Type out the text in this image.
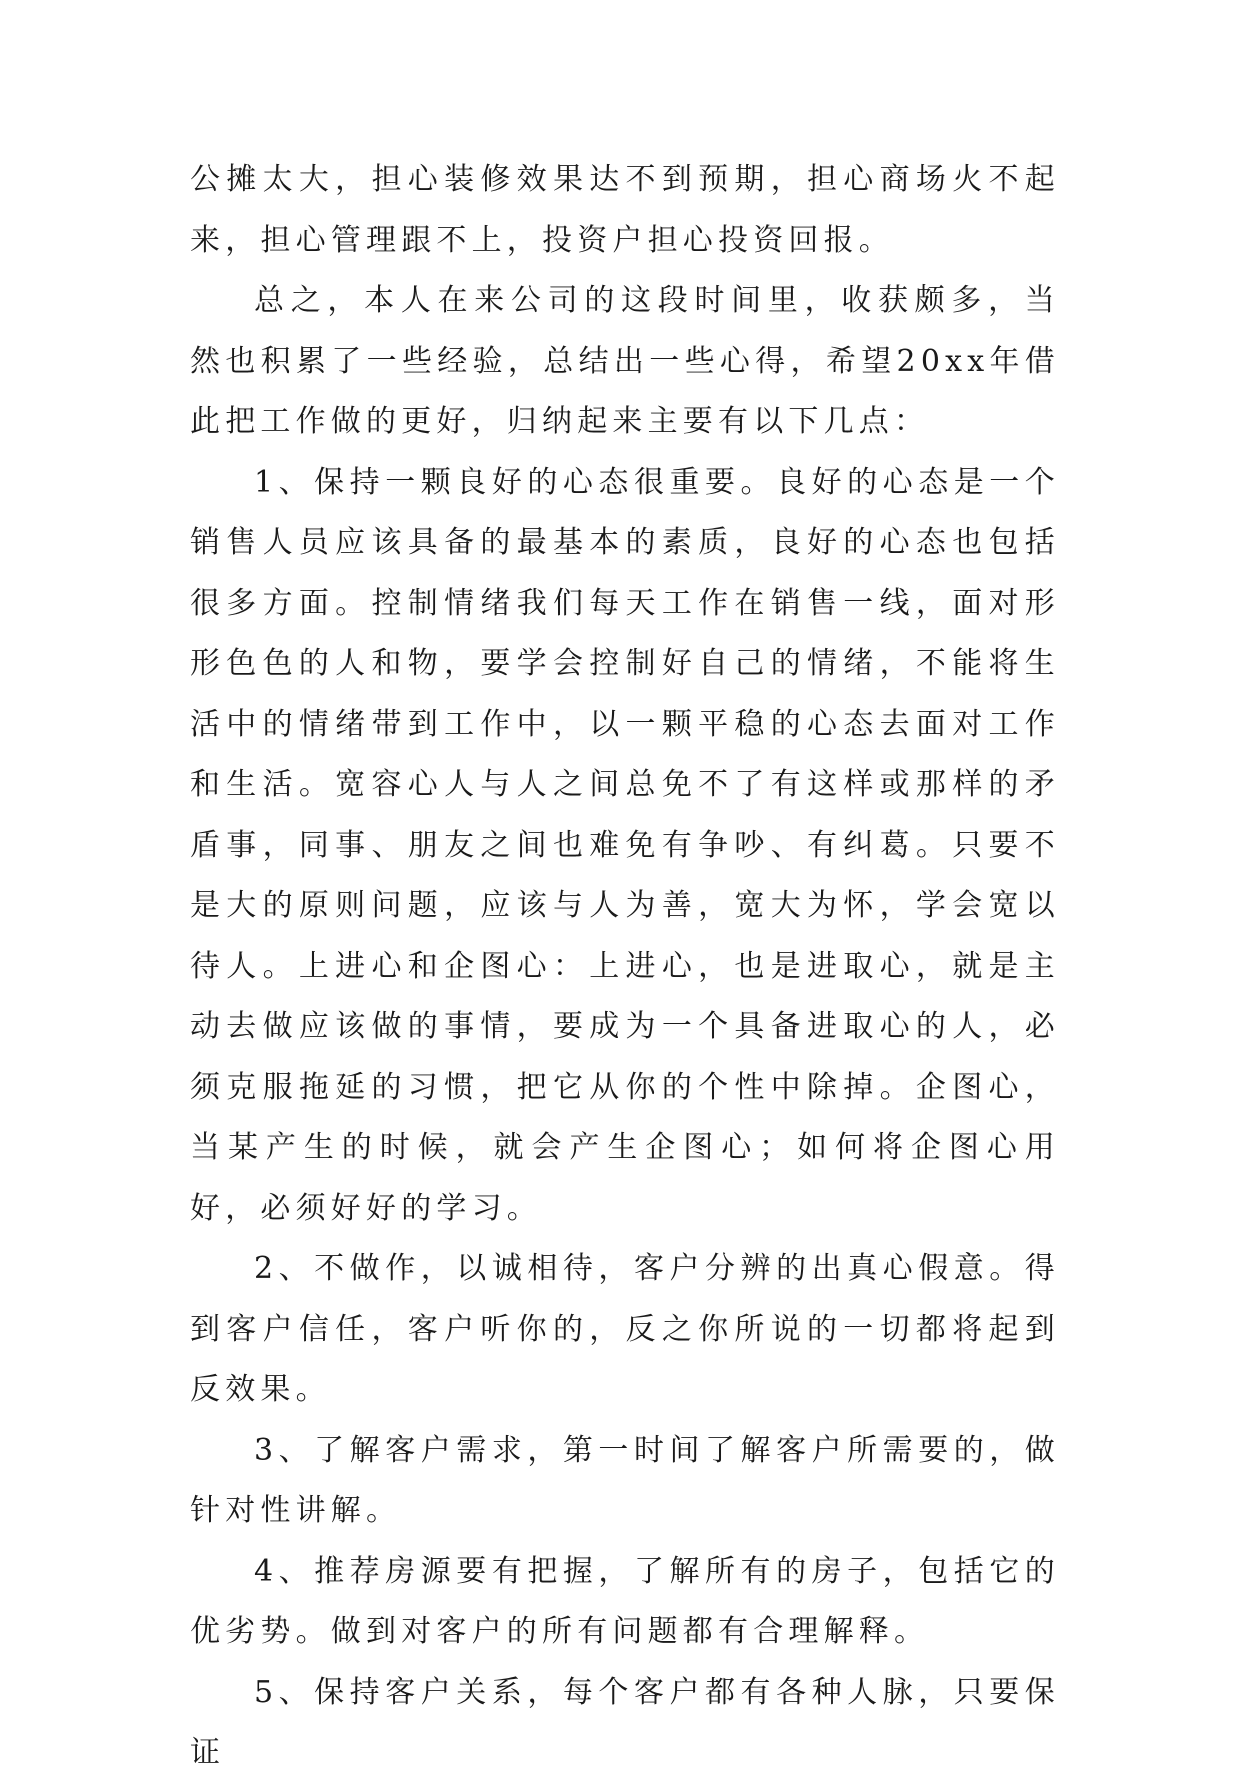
公摊太大，担心装修效果达不到预期，担心商场火不起来，担心管理跟不上，投资户担心投资回报。

总之，本人在来公司的这段时间里，收获颇多，当然也积累了一些经验，总结出一些心得，希望20xx年借此把工作做的更好，归纳起来主要有以下几点：

1、保持一颗良好的心态很重要。良好的心态是一个销售人员应该具备的最基本的素质，良好的心态也包括很多方面。控制情绪我们每天工作在销售一线，面对形形色色的人和物，要学会控制好自己的情绪，不能将生活中的情绪带到工作中，以一颗平稳的心态去面对工作和生活。宽容心人与人之间总免不了有这样或那样的矛盾事，同事、朋友之间也难免有争吵、有纠葛。只要不是大的原则问题，应该与人为善，宽大为怀，学会宽以待人。上进心和企图心：上进心，也是进取心，就是主动去做应该做的事情，要成为一个具备进取心的人，必须克服拖延的习惯，把它从你的个性中除掉。企图心，当某产生的时候，就会产生企图心；如何将企图心用好，必须好好的学习。

2、不做作，以诚相待，客户分辨的出真心假意。得到客户信任，客户听你的，反之你所说的一切都将起到反效果。

3、了解客户需求，第一时间了解客户所需要的，做针对性讲解。

4、推荐房源要有把握，了解所有的房子，包括它的优劣势。做到对客户的所有问题都有合理解释。

5、保持客户关系，每个客户都有各种人脉，只要保证
